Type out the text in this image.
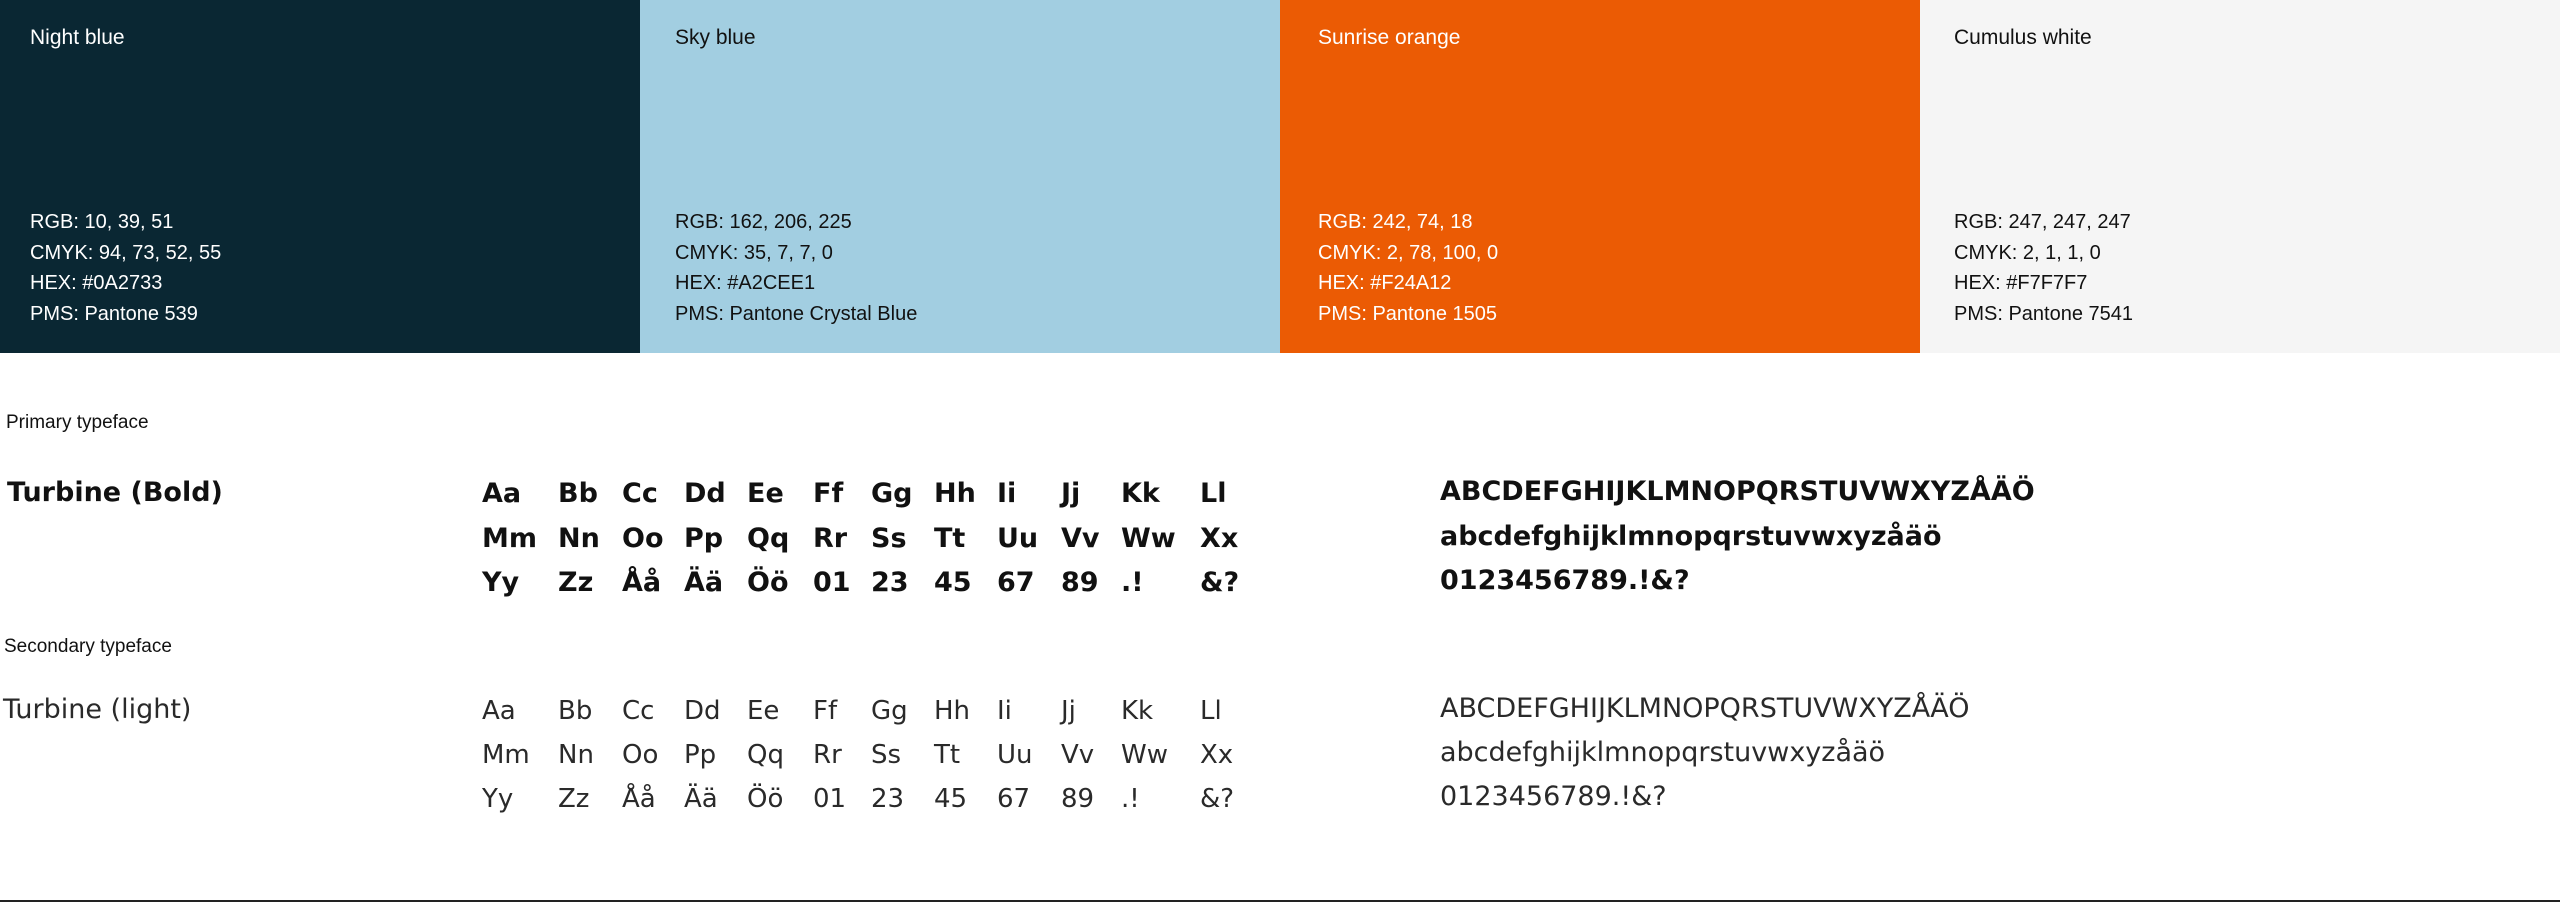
Night blue
RGB: 10, 39, 51
CMYK: 94, 73, 52, 55
HEX: #0A2733
PMS: Pantone 539
Sky blue
RGB: 162, 206, 225
CMYK: 35, 7, 7, 0
HEX: #A2CEE1
PMS: Pantone Crystal Blue
Sunrise orange
RGB: 242, 74, 18
CMYK: 2, 78, 100, 0
HEX: #F24A12
PMS: Pantone 1505
Cumulus white
RGB: 247, 247, 247
CMYK: 2, 1, 1, 0
HEX: #F7F7F7
PMS: Pantone 7541
Primary typeface
Turbine (Bold)	Aa Bb Cc Dd Ee Ff Gg Hh Ii Jj Kk Ll
Mm Nn Oo Pp Qq Rr Ss Tt Uu Vv Ww Xx
Yy Zz Åå Ää Öö 01 23 45 67 89 .! &?
ABCDEFGHIJKLMNOPQRSTUVWXYZÅÄÖ
abcdefghijklmnopqrstuvwxyzåäö
0123456789.!&?
Secondary typeface
Turbine (light)	Aa Bb Cc Dd Ee Ff Gg Hh Ii Jj Kk Ll
Mm Nn Oo Pp Qq Rr Ss Tt Uu Vv Ww Xx
Yy Zz Åå Ää Öö 01 23 45 67 89 .! &?
ABCDEFGHIJKLMNOPQRSTUVWXYZÅÄÖ
abcdefghijklmnopqrstuvwxyzåäö
0123456789.!&?
